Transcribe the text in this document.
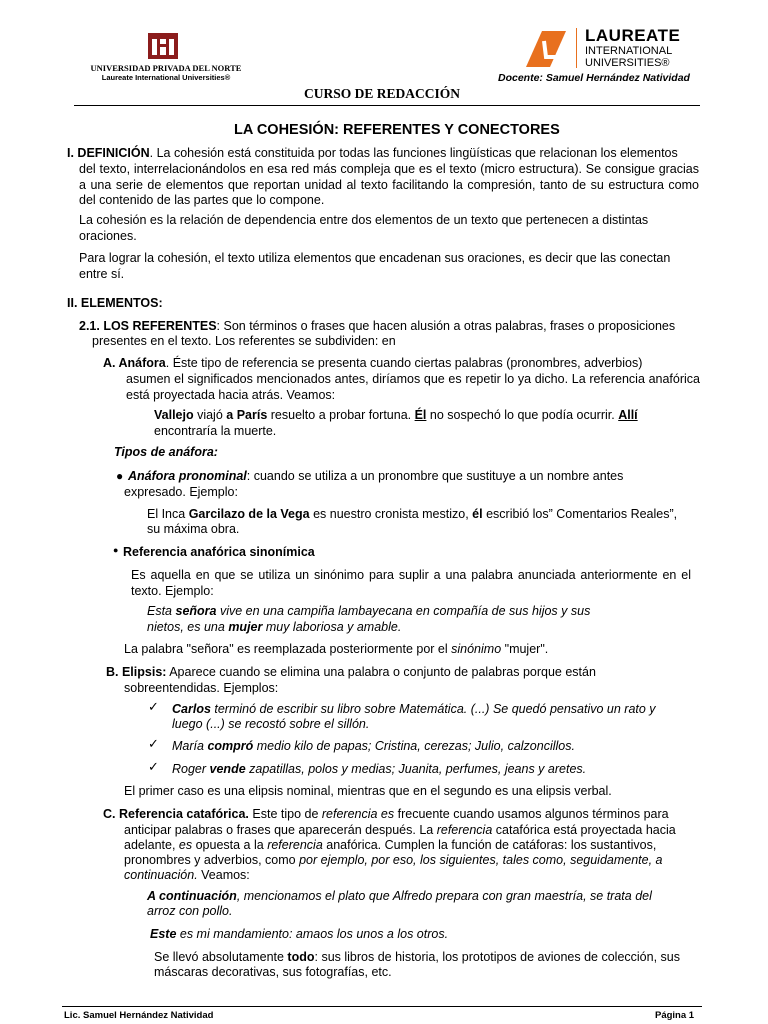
UNIVERSIDAD PRIVADA DEL NORTE
Laureate International Universities®
LAUREATE
INTERNATIONAL
UNIVERSITIES®
Docente: Samuel Hernández Natividad
CURSO DE REDACCIÓN
LA COHESIÓN: REFERENTES Y CONECTORES
I. DEFINICIÓN. La cohesión está constituida por todas las funciones lingüísticas que relacionan los elementos
del texto, interrelacionándolos en esa red más compleja que es el texto (micro estructura). Se consigue gracias a una serie de elementos que reportan unidad al texto facilitando la compresión, tanto de su estructura como del contenido de las partes que lo compone.
La cohesión es la relación de dependencia entre dos elementos de un texto que pertenecen a distintas oraciones.
Para lograr la cohesión, el texto utiliza elementos que encadenan sus oraciones, es decir que las conectan entre sí.
II. ELEMENTOS:
2.1. LOS REFERENTES: Son términos o frases que hacen alusión a otras palabras, frases o proposiciones
presentes en el texto. Los referentes se subdividen: en
A. Anáfora. Éste tipo de referencia se presenta cuando ciertas palabras (pronombres, adverbios)
asumen el significados mencionados antes, diríamos que es repetir lo ya dicho. La referencia anafórica está proyectada hacia atrás. Veamos:
Vallejo viajó a París resuelto a probar fortuna. Él no sospechó lo que podía ocurrir. Allí
encontraría la muerte.
Tipos de anáfora:
● Anáfora pronominal: cuando se utiliza a un pronombre que sustituye a un nombre antes
expresado. Ejemplo:
El Inca Garcilazo de la Vega es nuestro cronista mestizo, él escribió los” Comentarios Reales”,
su máxima obra.
● Referencia anafórica sinonímica
Es aquella en que se utiliza un sinónimo para suplir a una palabra anunciada anteriormente en el texto. Ejemplo:
Esta señora vive en una campiña lambayecana en compañía de sus hijos y sus
nietos, es una mujer muy laboriosa y amable.
La palabra "señora" es reemplazada posteriormente por el sinónimo "mujer".
B. Elipsis: Aparece cuando se elimina una palabra o conjunto de palabras porque están
sobreentendidas. Ejemplos:
✓ Carlos terminó de escribir su libro sobre Matemática. (...) Se quedó pensativo un rato y
luego (...) se recostó sobre el sillón.
✓ María compró medio kilo de papas; Cristina, cerezas; Julio, calzoncillos.
✓ Roger vende zapatillas, polos y medias; Juanita, perfumes, jeans y aretes.
El primer caso es una elipsis nominal, mientras que en el segundo es una elipsis verbal.
C. Referencia catafórica. Este tipo de referencia es frecuente cuando usamos algunos términos para
anticipar palabras o frases que aparecerán después. La referencia catafórica está proyectada hacia
adelante, es opuesta a la referencia anafórica. Cumplen la función de catáforas: los sustantivos,
pronombres y adverbios, como por ejemplo, por eso, los siguientes, tales como, seguidamente, a
continuación. Veamos:
A continuación, mencionamos el plato que Alfredo prepara con gran maestría, se trata del
arroz con pollo.
Este es mi mandamiento: amaos los unos a los otros.
Se llevó absolutamente todo: sus libros de historia, los prototipos de aviones de colección, sus
máscaras decorativas, sus fotografías, etc.
Lic. Samuel Hernández Natividad	Página 1
